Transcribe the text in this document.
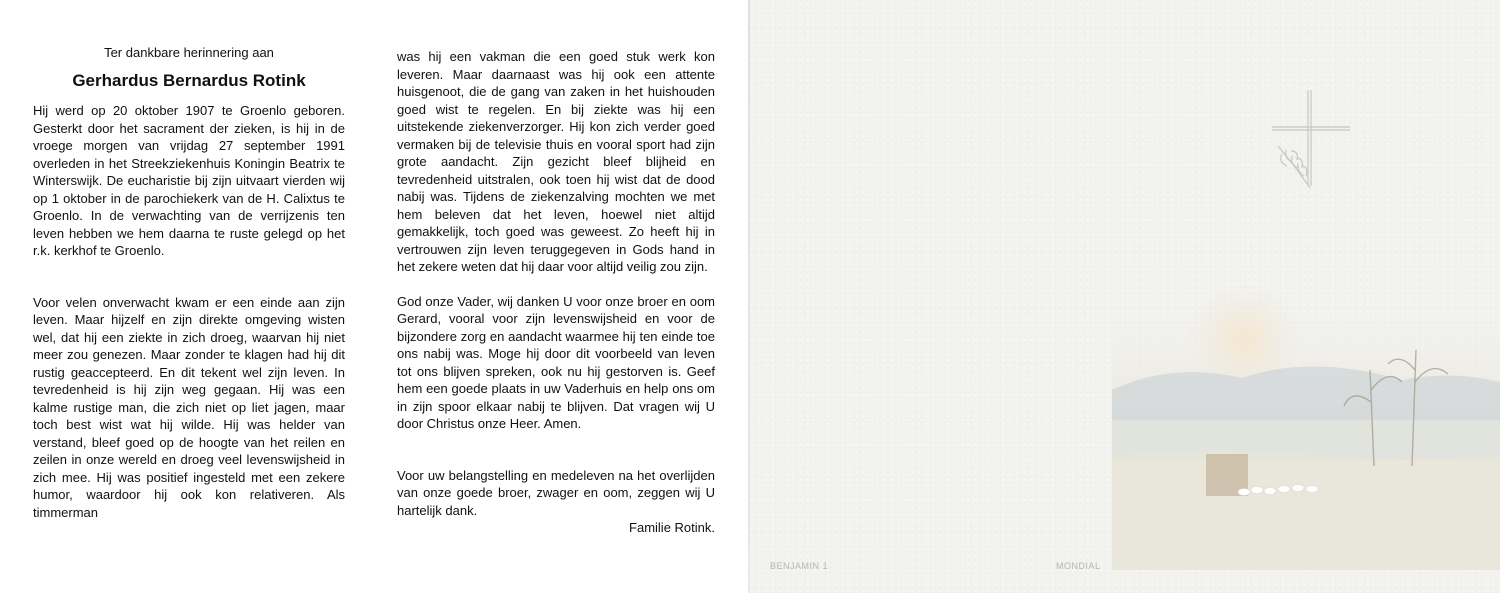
Ter dankbare herinnering aan

Gerhardus Bernardus Rotink

Hij werd op 20 oktober 1907 te Groenlo geboren. Gesterkt door het sacrament der zieken, is hij in de vroege morgen van vrijdag 27 september 1991 overleden in het Streekziekenhuis Koningin Beatrix te Winterswijk. De eucharistie bij zijn uitvaart vierden wij op 1 oktober in de parochiekerk van de H. Calixtus te Groenlo. In de verwachting van de verrijzenis ten leven hebben we hem daarna te ruste gelegd op het r.k. kerkhof te Groenlo.

Voor velen onverwacht kwam er een einde aan zijn leven. Maar hijzelf en zijn direkte omgeving wisten wel, dat hij een ziekte in zich droeg, waarvan hij niet meer zou genezen. Maar zonder te klagen had hij dit rustig geaccepteerd. En dit tekent wel zijn leven. In tevredenheid is hij zijn weg gegaan. Hij was een kalme rustige man, die zich niet op liet jagen, maar toch best wist wat hij wilde. Hij was helder van verstand, bleef goed op de hoogte van het reilen en zeilen in onze wereld en droeg veel levenswijsheid in zich mee. Hij was positief ingesteld met een zekere humor, waardoor hij ook kon relativeren. Als timmerman

was hij een vakman die een goed stuk werk kon leveren. Maar daarnaast was hij ook een attente huisgenoot, die de gang van zaken in het huishouden goed wist te regelen. En bij ziekte was hij een uitstekende ziekenverzorger. Hij kon zich verder goed vermaken bij de televisie thuis en vooral sport had zijn grote aandacht. Zijn gezicht bleef blijheid en tevredenheid uitstralen, ook toen hij wist dat de dood nabij was. Tijdens de ziekenzalving mochten we met hem beleven dat het leven, hoewel niet altijd gemakkelijk, toch goed was geweest. Zo heeft hij in vertrouwen zijn leven teruggegeven in Gods hand in het zekere weten dat hij daar voor altijd veilig zou zijn.

God onze Vader, wij danken U voor onze broer en oom Gerard, vooral voor zijn levenswijsheid en voor de bijzondere zorg en aandacht waarmee hij ten einde toe ons nabij was. Moge hij door dit voorbeeld van leven tot ons blijven spreken, ook nu hij gestorven is. Geef hem een goede plaats in uw Vaderhuis en help ons om in zijn spoor elkaar nabij te blijven. Dat vragen wij U door Christus onze Heer. Amen.

Voor uw belangstelling en medeleven na het overlijden van onze goede broer, zwager en oom, zeggen wij U hartelijk dank.

Familie Rotink.

BENJAMIN 1	MONDIAL
